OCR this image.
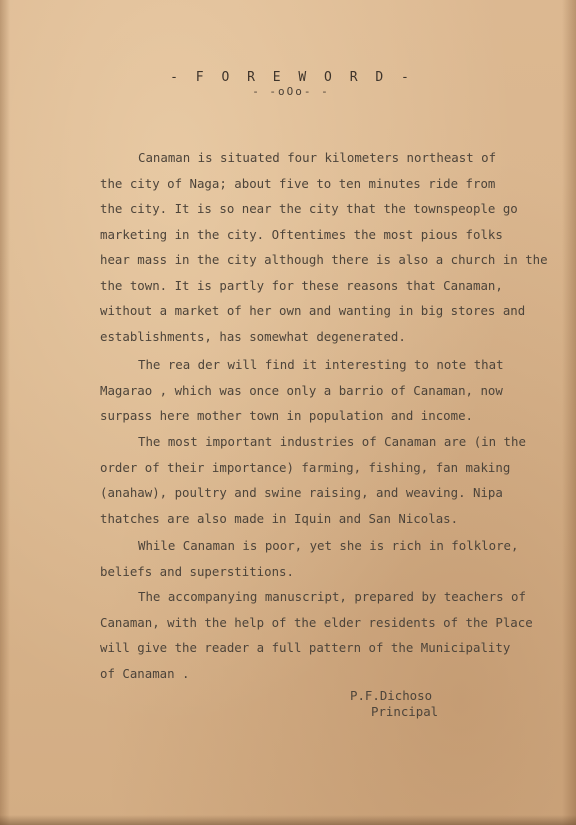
- F O R E W O R D -
- -oOo- -
Canaman is situated four kilometers northeast of
the city of Naga; about five to ten minutes ride from
the city. It is so near the city that the townspeople go
marketing in the city. Oftentimes the most pious folks
hear mass in the city although there is also a church in the
the town. It is partly for these reasons that Canaman,
without a market of her own and wanting in big stores and
establishments, has somewhat degenerated.
The rea der will find it interesting to note that
Magarao , which was once only a barrio of Canaman, now
surpass here mother town in population and income.
The most important industries of Canaman are (in the
order of their importance) farming, fishing, fan making
(anahaw), poultry and swine raising, and weaving. Nipa
thatches are also made in Iquin and San Nicolas.
While Canaman is poor, yet she is rich in folklore,
beliefs and superstitions.
The accompanying manuscript, prepared by teachers of
Canaman, with the help of the elder residents of the Place
will give the reader a full pattern of the Municipality
of Canaman .
P.F.Dichoso
Principal
